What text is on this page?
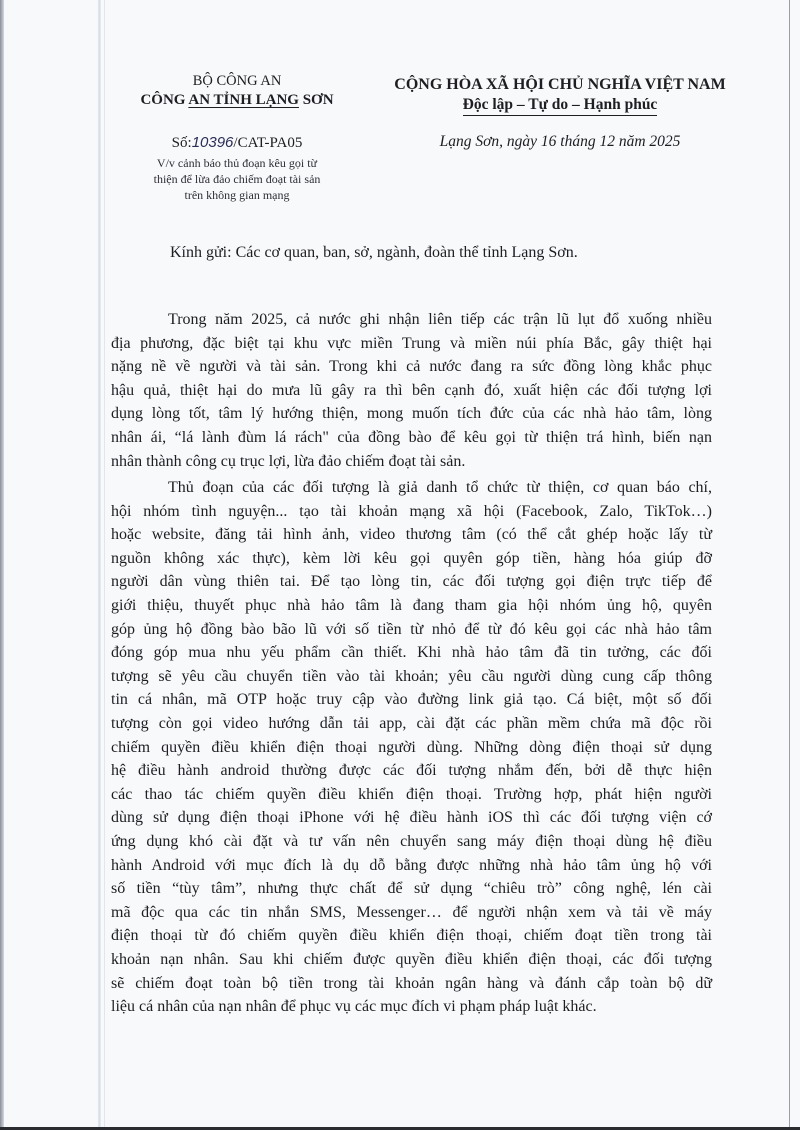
BỘ CÔNG AN
CÔNG AN TỈNH LẠNG SƠN
Số:10396/CAT-PA05
V/v cảnh báo thủ đoạn kêu gọi từ
thiện để lừa đảo chiếm đoạt tài sản
trên không gian mạng
CỘNG HÒA XÃ HỘI CHỦ NGHĨA VIỆT NAM
Độc lập – Tự do – Hạnh phúc
Lạng Sơn, ngày 16 tháng 12 năm 2025
Kính gửi: Các cơ quan, ban, sở, ngành, đoàn thể tỉnh Lạng Sơn.
Trong năm 2025, cả nước ghi nhận liên tiếp các trận lũ lụt đổ xuống nhiều
địa phương, đặc biệt tại khu vực miền Trung và miền núi phía Bắc, gây thiệt hại
nặng nề về người và tài sản. Trong khi cả nước đang ra sức đồng lòng khắc phục
hậu quả, thiệt hại do mưa lũ gây ra thì bên cạnh đó, xuất hiện các đối tượng lợi
dụng lòng tốt, tâm lý hướng thiện, mong muốn tích đức của các nhà hảo tâm, lòng
nhân ái, “lá lành đùm lá rách" của đồng bào để kêu gọi từ thiện trá hình, biến nạn
nhân thành công cụ trục lợi, lừa đảo chiếm đoạt tài sản.
Thủ đoạn của các đối tượng là giả danh tổ chức từ thiện, cơ quan báo chí,
hội nhóm tình nguyện... tạo tài khoản mạng xã hội (Facebook, Zalo, TikTok…)
hoặc website, đăng tải hình ảnh, video thương tâm (có thể cắt ghép hoặc lấy từ
nguồn không xác thực), kèm lời kêu gọi quyên góp tiền, hàng hóa giúp đỡ
người dân vùng thiên tai. Để tạo lòng tin, các đối tượng gọi điện trực tiếp để
giới thiệu, thuyết phục nhà hảo tâm là đang tham gia hội nhóm ủng hộ, quyên
góp ủng hộ đồng bào bão lũ với số tiền từ nhỏ để từ đó kêu gọi các nhà hảo tâm
đóng góp mua nhu yếu phẩm cần thiết. Khi nhà hảo tâm đã tin tưởng, các đối
tượng sẽ yêu cầu chuyển tiền vào tài khoản; yêu cầu người dùng cung cấp thông
tin cá nhân, mã OTP hoặc truy cập vào đường link giả tạo. Cá biệt, một số đối
tượng còn gọi video hướng dẫn tải app, cài đặt các phần mềm chứa mã độc rồi
chiếm quyền điều khiển điện thoại người dùng. Những dòng điện thoại sử dụng
hệ điều hành android thường được các đối tượng nhắm đến, bởi dễ thực hiện
các thao tác chiếm quyền điều khiển điện thoại. Trường hợp, phát hiện người
dùng sử dụng điện thoại iPhone với hệ điều hành iOS thì các đối tượng viện cớ
ứng dụng khó cài đặt và tư vấn nên chuyển sang máy điện thoại dùng hệ điều
hành Android với mục đích là dụ dỗ bằng được những nhà hảo tâm ủng hộ với
số tiền “tùy tâm”, nhưng thực chất để sử dụng “chiêu trò” công nghệ, lén cài
mã độc qua các tin nhắn SMS, Messenger… để người nhận xem và tải về máy
điện thoại từ đó chiếm quyền điều khiển điện thoại, chiếm đoạt tiền trong tài
khoản nạn nhân. Sau khi chiếm được quyền điều khiển điện thoại, các đối tượng
sẽ chiếm đoạt toàn bộ tiền trong tài khoản ngân hàng và đánh cắp toàn bộ dữ
liệu cá nhân của nạn nhân để phục vụ các mục đích vi phạm pháp luật khác.
